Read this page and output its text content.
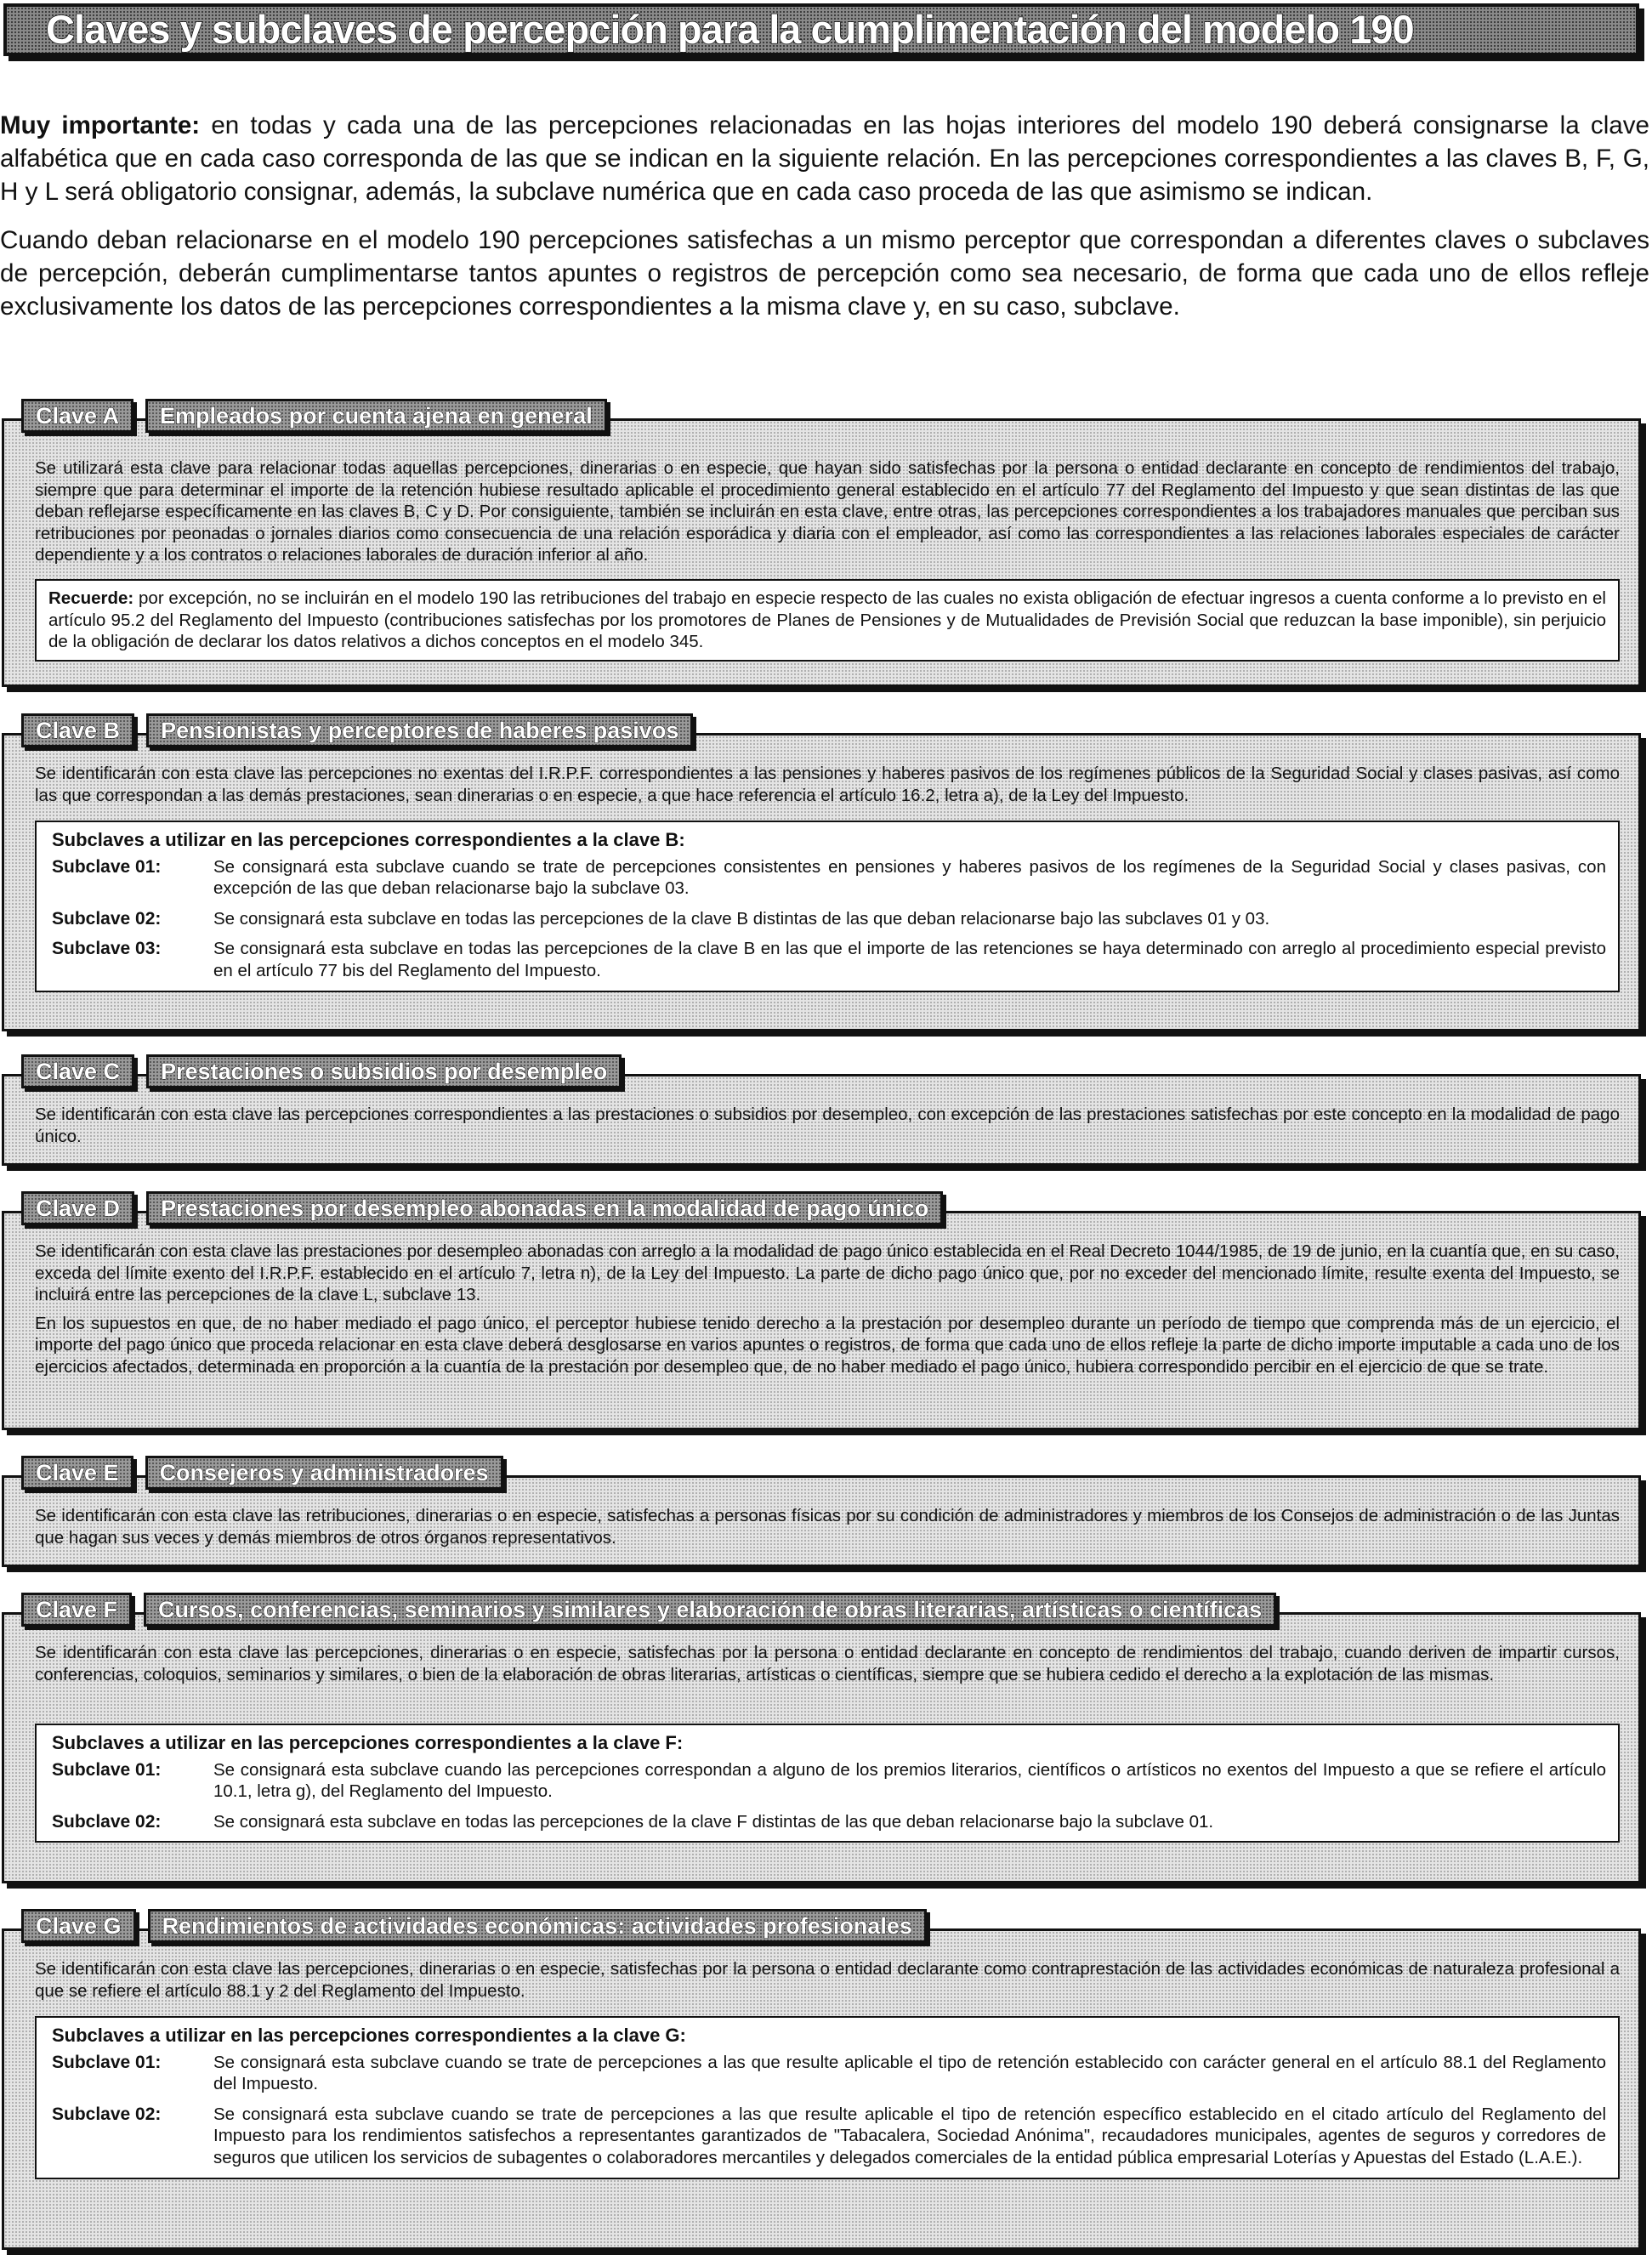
Claves y subclaves de percepción para la cumplimentación del modelo 190

Muy importante: en todas y cada una de las percepciones relacionadas en las hojas interiores del modelo 190 deberá consignarse la clave alfabética que en cada caso corresponda de las que se indican en la siguiente relación. En las percepciones correspondientes a las claves B, F, G, H y L será obligatorio consignar, además, la subclave numérica que en cada caso proceda de las que asimismo se indican.

Cuando deban relacionarse en el modelo 190 percepciones satisfechas a un mismo perceptor que correspondan a diferentes claves o subclaves de percepción, deberán cumplimentarse tantos apuntes o registros de percepción como sea necesario, de forma que cada uno de ellos refleje exclusivamente los datos de las percepciones correspondientes a la misma clave y, en su caso, subclave.

Clave A	Empleados por cuenta ajena en general

Se utilizará esta clave para relacionar todas aquellas percepciones, dinerarias o en especie, que hayan sido satisfechas por la persona o entidad declarante en concepto de rendimientos del trabajo, siempre que para determinar el importe de la retención hubiese resultado aplicable el procedimiento general establecido en el artículo 77 del Reglamento del Impuesto y que sean distintas de las que deban reflejarse específicamente en las claves B, C y D. Por consiguiente, también se incluirán en esta clave, entre otras, las percepciones correspondientes a los trabajadores manuales que perciban sus retribuciones por peonadas o jornales diarios como consecuencia de una relación esporádica y diaria con el empleador, así como las correspondientes a las relaciones laborales especiales de carácter dependiente y a los contratos o relaciones laborales de duración inferior al año.

Recuerde: por excepción, no se incluirán en el modelo 190 las retribuciones del trabajo en especie respecto de las cuales no exista obligación de efectuar ingresos a cuenta conforme a lo previsto en el artículo 95.2 del Reglamento del Impuesto (contribuciones satisfechas por los promotores de Planes de Pensiones y de Mutualidades de Previsión Social que reduzcan la base imponible), sin perjuicio de la obligación de declarar los datos relativos a dichos conceptos en el modelo 345.
Clave B	Pensionistas y perceptores de haberes pasivos

Se identificarán con esta clave las percepciones no exentas del I.R.P.F. correspondientes a las pensiones y haberes pasivos de los regímenes públicos de la Seguridad Social y clases pasivas, así como las que correspondan a las demás prestaciones, sean dinerarias o en especie, a que hace referencia el artículo 16.2, letra a), de la Ley del Impuesto.

Subclaves a utilizar en las percepciones correspondientes a la clave B:
Subclave 01:	Se consignará esta subclave cuando se trate de percepciones consistentes en pensiones y haberes pasivos de los regímenes de la Seguridad Social y clases pasivas, con excepción de las que deban relacionarse bajo la subclave 03.
Subclave 02:	Se consignará esta subclave en todas las percepciones de la clave B distintas de las que deban relacionarse bajo las subclaves 01 y 03.
Subclave 03:	Se consignará esta subclave en todas las percepciones de la clave B en las que el importe de las retenciones se haya determinado con arreglo al procedimiento especial previsto en el artículo 77 bis del Reglamento del Impuesto.
Clave C	Prestaciones o subsidios por desempleo

Se identificarán con esta clave las percepciones correspondientes a las prestaciones o subsidios por desempleo, con excepción de las prestaciones satisfechas por este concepto en la modalidad de pago único.

Clave D	Prestaciones por desempleo abonadas en la modalidad de pago único

Se identificarán con esta clave las prestaciones por desempleo abonadas con arreglo a la modalidad de pago único establecida en el Real Decreto 1044/1985, de 19 de junio, en la cuantía que, en su caso, exceda del límite exento del I.R.P.F. establecido en el artículo 7, letra n), de la Ley del Impuesto. La parte de dicho pago único que, por no exceder del mencionado límite, resulte exenta del Impuesto, se incluirá entre las percepciones de la clave L, subclave 13.

En los supuestos en que, de no haber mediado el pago único, el perceptor hubiese tenido derecho a la prestación por desempleo durante un período de tiempo que comprenda más de un ejercicio, el importe del pago único que proceda relacionar en esta clave deberá desglosarse en varios apuntes o registros, de forma que cada uno de ellos refleje la parte de dicho importe imputable a cada uno de los ejercicios afectados, determinada en proporción a la cuantía de la prestación por desempleo que, de no haber mediado el pago único, hubiera correspondido percibir en el ejercicio de que se trate.

Clave E	Consejeros y administradores

Se identificarán con esta clave las retribuciones, dinerarias o en especie, satisfechas a personas físicas por su condición de administradores y miembros de los Consejos de administración o de las Juntas que hagan sus veces y demás miembros de otros órganos representativos.

Clave F	Cursos, conferencias, seminarios y similares y elaboración de obras literarias, artísticas o científicas

Se identificarán con esta clave las percepciones, dinerarias o en especie, satisfechas por la persona o entidad declarante en concepto de rendimientos del trabajo, cuando deriven de impartir cursos, conferencias, coloquios, seminarios y similares, o bien de la elaboración de obras literarias, artísticas o científicas, siempre que se hubiera cedido el derecho a la explotación de las mismas.

Subclaves a utilizar en las percepciones correspondientes a la clave F:
Subclave 01:	Se consignará esta subclave cuando las percepciones correspondan a alguno de los premios literarios, científicos o artísticos no exentos del Impuesto a que se refiere el artículo 10.1, letra g), del Reglamento del Impuesto.
Subclave 02:	Se consignará esta subclave en todas las percepciones de la clave F distintas de las que deban relacionarse bajo la subclave 01.
Clave G	Rendimientos de actividades económicas: actividades profesionales

Se identificarán con esta clave las percepciones, dinerarias o en especie, satisfechas por la persona o entidad declarante como contraprestación de las actividades económicas de naturaleza profesional a que se refiere el artículo 88.1 y 2 del Reglamento del Impuesto.

Subclaves a utilizar en las percepciones correspondientes a la clave G:
Subclave 01:	Se consignará esta subclave cuando se trate de percepciones a las que resulte aplicable el tipo de retención establecido con carácter general en el artículo 88.1 del Reglamento del Impuesto.
Subclave 02:	Se consignará esta subclave cuando se trate de percepciones a las que resulte aplicable el tipo de retención específico establecido en el citado artículo del Reglamento del Impuesto para los rendimientos satisfechos a representantes garantizados de "Tabacalera, Sociedad Anónima", recaudadores municipales, agentes de seguros y corredores de seguros que utilicen los servicios de subagentes o colaboradores mercantiles y delegados comerciales de la entidad pública empresarial Loterías y Apuestas del Estado (L.A.E.).
